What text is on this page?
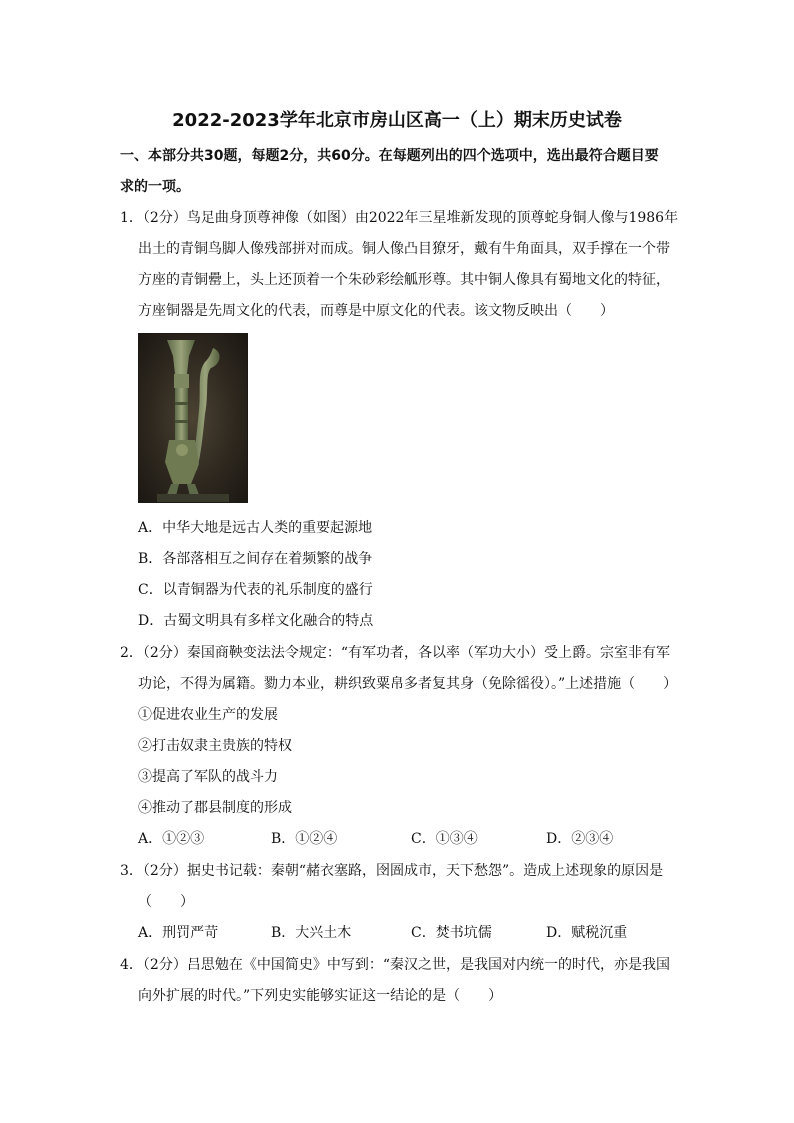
2022-2023学年北京市房山区高一（上）期末历史试卷
一、本部分共30题，每题2分，共60分。在每题列出的四个选项中，选出最符合题目要
求的一项。
1．（2分）鸟足曲身顶尊神像（如图）由2022年三星堆新发现的顶尊蛇身铜人像与1986年
出土的青铜鸟脚人像残部拼对而成。铜人像凸目獠牙，戴有牛角面具，双手撑在一个带
方座的青铜罍上，头上还顶着一个朱砂彩绘觚形尊。其中铜人像具有蜀地文化的特征，
方座铜器是先周文化的代表，而尊是中原文化的代表。该文物反映出（　　）
A．中华大地是远古人类的重要起源地
B．各部落相互之间存在着频繁的战争
C．以青铜器为代表的礼乐制度的盛行
D．古蜀文明具有多样文化融合的特点
2．（2分）秦国商鞅变法法令规定：“有军功者，各以率（军功大小）受上爵。宗室非有军
功论，不得为属籍。勠力本业，耕织致粟帛多者复其身（免除徭役）。”上述措施（　　）
①促进农业生产的发展
②打击奴隶主贵族的特权
③提高了军队的战斗力
④推动了郡县制度的形成
A．①②③	B．①②④	C．①③④	D．②③④
3．（2分）据史书记载：秦朝“赭衣塞路，囹圄成市，天下愁怨”。造成上述现象的原因是
（　　）
A．刑罚严苛	B．大兴土木	C．焚书坑儒	D．赋税沉重
4．（2分）吕思勉在《中国简史》中写到：“秦汉之世，是我国对内统一的时代，亦是我国
向外扩展的时代。”下列史实能够实证这一结论的是（　　）
